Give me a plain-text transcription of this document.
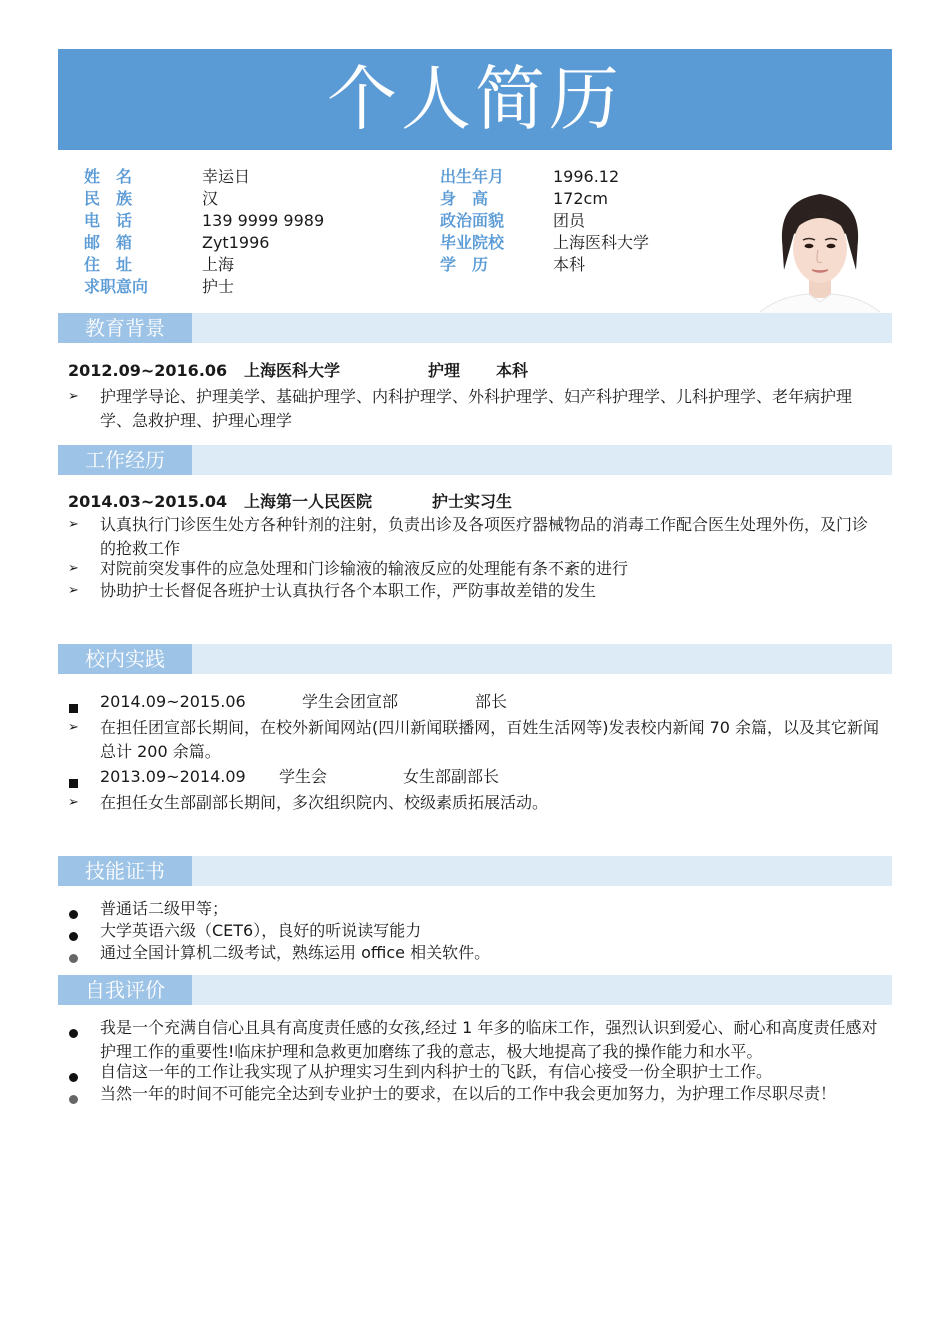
个人简历
姓　名	幸运日	出生年月	1996.12
民　族	汉	身　高	172cm
电　话	139 9999 9989	政治面貌	团员
邮　箱	Zyt1996	毕业院校	上海医科大学
住　址	上海	学　历	本科
求职意向	护士
教育背景
2012.09~2016.06 上海医科大学	护理 本科
➢	护理学导论、护理美学、基础护理学、内科护理学、外科护理学、妇产科护理学、儿科护理学、老年病护理学、急救护理、护理心理学
工作经历
2014.03~2015.04 上海第一人民医院	护士实习生
➢	认真执行门诊医生处方各种针剂的注射，负责出诊及各项医疗器械物品的消毒工作配合医生处理外伤，及门诊的抢救工作
➢	对院前突发事件的应急处理和门诊输液的输液反应的处理能有条不紊的进行
➢	协助护士长督促各班护士认真执行各个本职工作，严防事故差错的发生
校内实践
2014.09~2015.06	学生会团宣部	部长
➢	在担任团宣部长期间，在校外新闻网站(四川新闻联播网，百姓生活网等)发表校内新闻 70 余篇，以及其它新闻总计 200 余篇。
2013.09~2014.09 学生会	女生部副部长
➢	在担任女生部副部长期间，多次组织院内、校级素质拓展活动。
技能证书
普通话二级甲等；
大学英语六级（CET6），良好的听说读写能力
通过全国计算机二级考试，熟练运用 office 相关软件。
自我评价
我是一个充满自信心且具有高度责任感的女孩,经过 1 年多的临床工作，强烈认识到爱心、耐心和高度责任感对护理工作的重要性!临床护理和急救更加磨练了我的意志，极大地提高了我的操作能力和水平。
自信这一年的工作让我实现了从护理实习生到内科护士的飞跃，有信心接受一份全职护士工作。
当然一年的时间不可能完全达到专业护士的要求，在以后的工作中我会更加努力，为护理工作尽职尽责！
